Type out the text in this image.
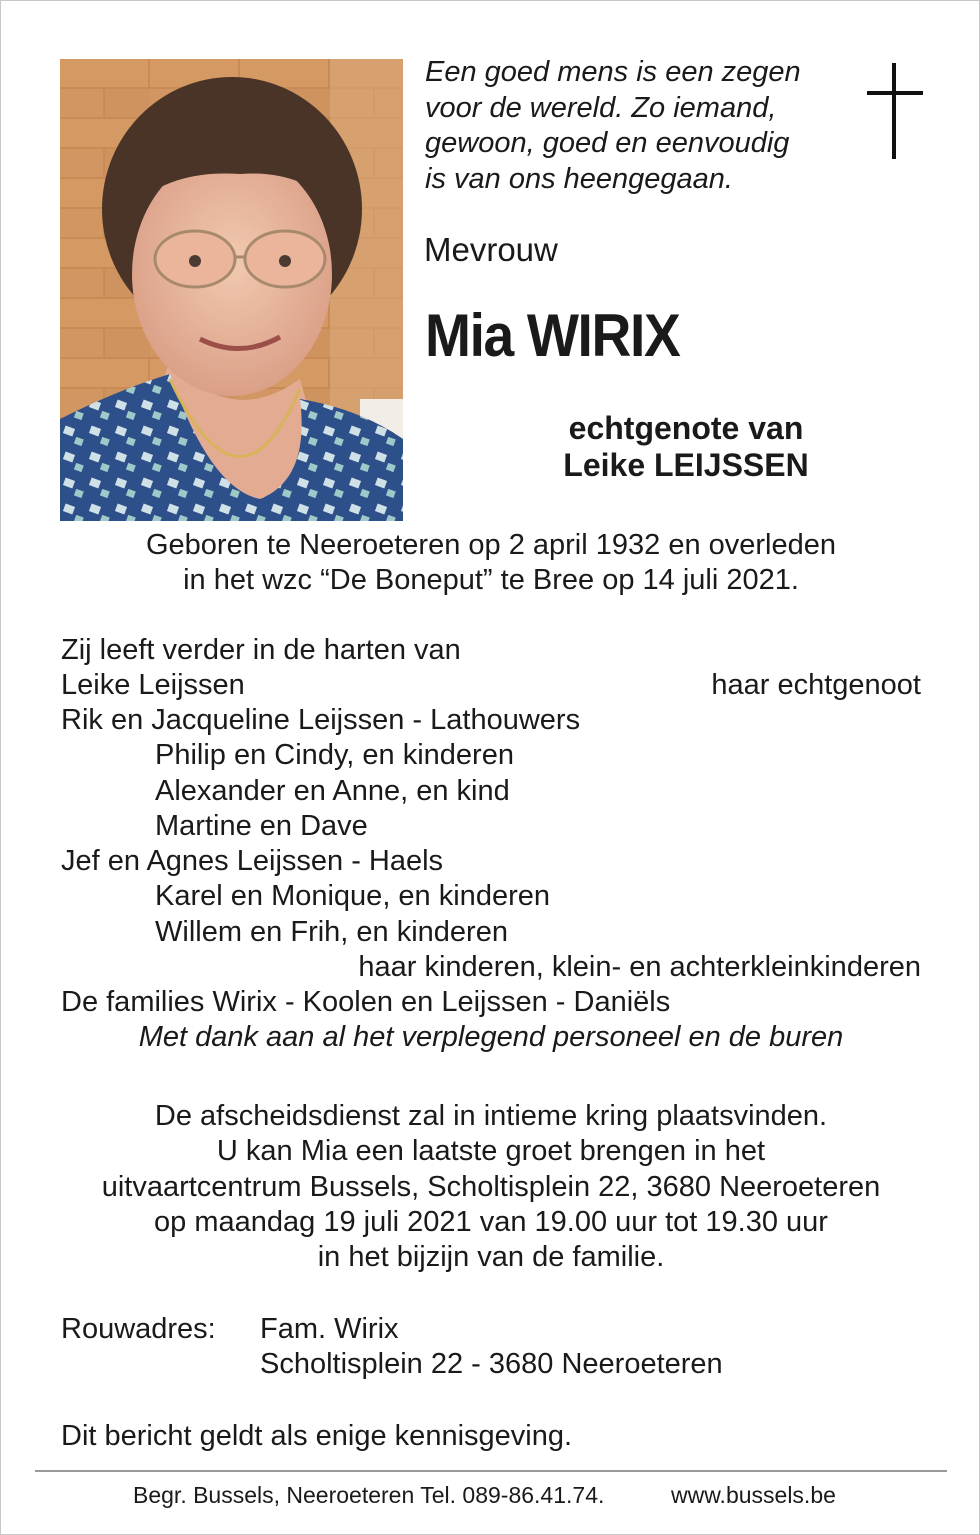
Een goed mens is een zegen
voor de wereld. Zo iemand,
gewoon, goed en eenvoudig
is van ons heengegaan.
Mevrouw
Mia WIRIX
echtgenote van
Leike LEIJSSEN
Geboren te Neeroeteren op 2 april 1932 en overleden
in het wzc “De Boneput” te Bree op 14 juli 2021.
Zij leeft verder in de harten van
Leike Leijssen	haar echtgenoot
Rik en Jacqueline Leijssen - Lathouwers
Philip en Cindy, en kinderen
Alexander en Anne, en kind
Martine en Dave
Jef en Agnes Leijssen - Haels
Karel en Monique, en kinderen
Willem en Frih, en kinderen
haar kinderen, klein- en achterkleinkinderen
De families Wirix - Koolen en Leijssen - Daniëls
Met dank aan al het verplegend personeel en de buren
De afscheidsdienst zal in intieme kring plaatsvinden.
U kan Mia een laatste groet brengen in het
uitvaartcentrum Bussels, Scholtisplein 22, 3680 Neeroeteren
op maandag 19 juli 2021 van 19.00 uur tot 19.30 uur
in het bijzijn van de familie.
Rouwadres: Fam. Wirix
Scholtisplein 22 - 3680 Neeroeteren
Dit bericht geldt als enige kennisgeving.
Begr. Bussels, Neeroeteren Tel. 089-86.41.74.	www.bussels.be
